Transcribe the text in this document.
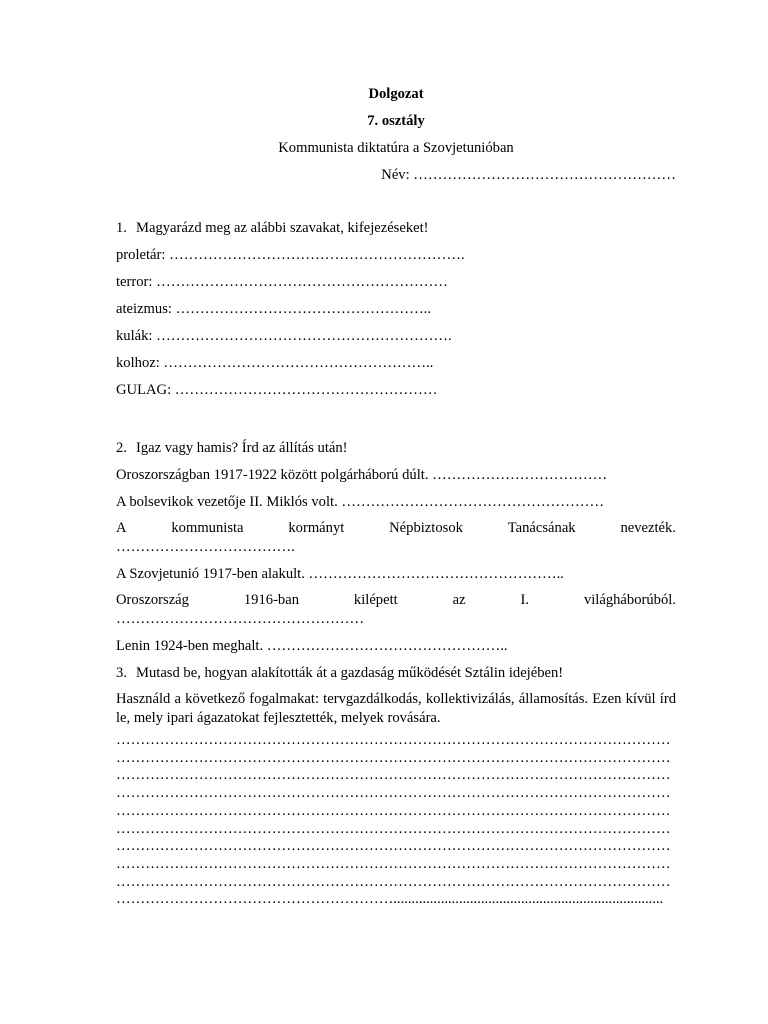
Dolgozat
7. osztály
Kommunista diktatúra a Szovjetunióban
Név: ………………………………………………
1. Magyarázd meg az alábbi szavakat, kifejezéseket!
proletár: …………………………………………………….
terror: ……………………………………………………
ateizmus: ……………………………………………..
kulák: …………………………………………………….
kolhoz: ………………………………………………..
GULAG: ………………………………………………
2. Igaz vagy hamis? Írd az állítás után!
Oroszországban 1917-1922 között polgárháború dúlt. ………………………………
A bolsevikok vezetője II. Miklós volt. ………………………………………………
A	kommunista	kormányt	Népbiztosok	Tanácsának	nevezték.
……………………………….
A Szovjetunió 1917-ben alakult. ……………………………………………..
Oroszország	1916-ban	kilépett	az	I.	világháborúból.
……………………………………………
Lenin 1924-ben meghalt. …………………………………………..
3. Mutasd be, hogyan alakították át a gazdaság működését Sztálin idejében!
Használd a következő fogalmakat: tervgazdálkodás, kollektivizálás, államosítás. Ezen kívül írd le, mely ipari ágazatokat fejlesztették, melyek rovására.
……………………………………………………………………………………………………
……………………………………………………………………………………………………
……………………………………………………………………………………………………
……………………………………………………………………………………………………
……………………………………………………………………………………………………
……………………………………………………………………………………………………
……………………………………………………………………………………………………
……………………………………………………………………………………………………
……………………………………………………………………………………………………
…………………………………………………..........................................................................
